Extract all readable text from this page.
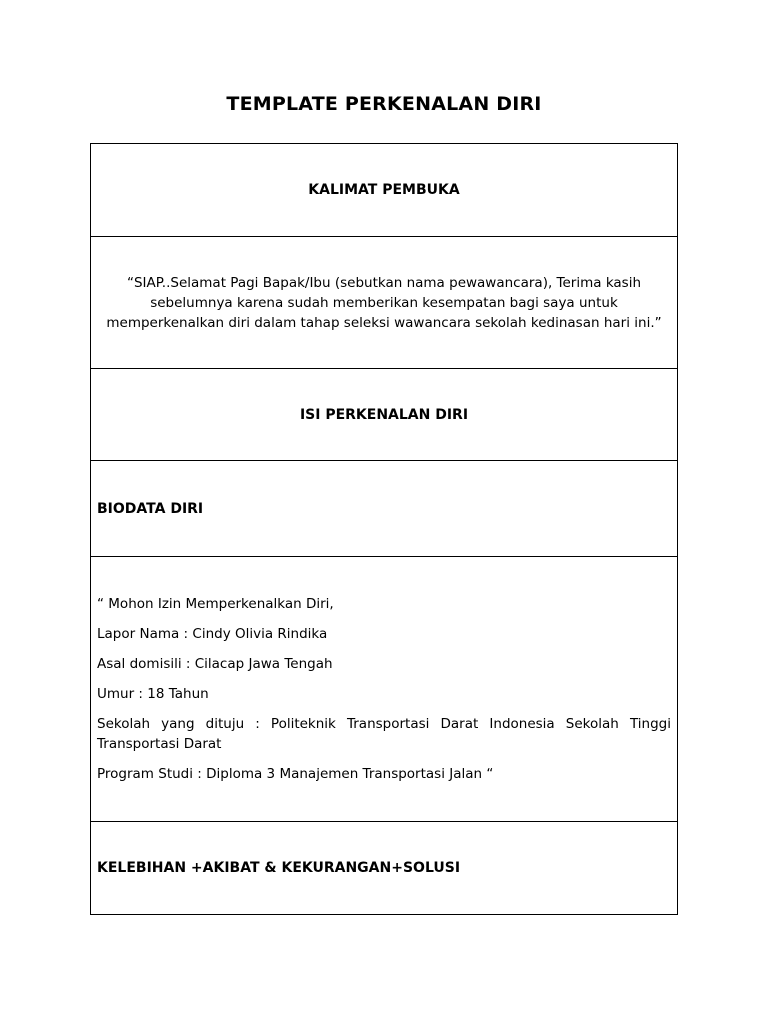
TEMPLATE PERKENALAN DIRI
KALIMAT PEMBUKA
“SIAP..Selamat Pagi Bapak/Ibu (sebutkan nama pewawancara), Terima kasih sebelumnya karena sudah memberikan kesempatan bagi saya untuk memperkenalkan diri dalam tahap seleksi wawancara sekolah kedinasan hari ini.”
ISI PERKENALAN DIRI
BIODATA DIRI

“ Mohon Izin Memperkenalkan Diri,
Lapor Nama : Cindy Olivia Rindika
Asal domisili : Cilacap Jawa Tengah
Umur : 18 Tahun
Sekolah yang dituju : Politeknik Transportasi Darat Indonesia Sekolah Tinggi Transportasi Darat
Program Studi : Diploma 3 Manajemen Transportasi Jalan “

KELEBIHAN +AKIBAT & KEKURANGAN+SOLUSI
